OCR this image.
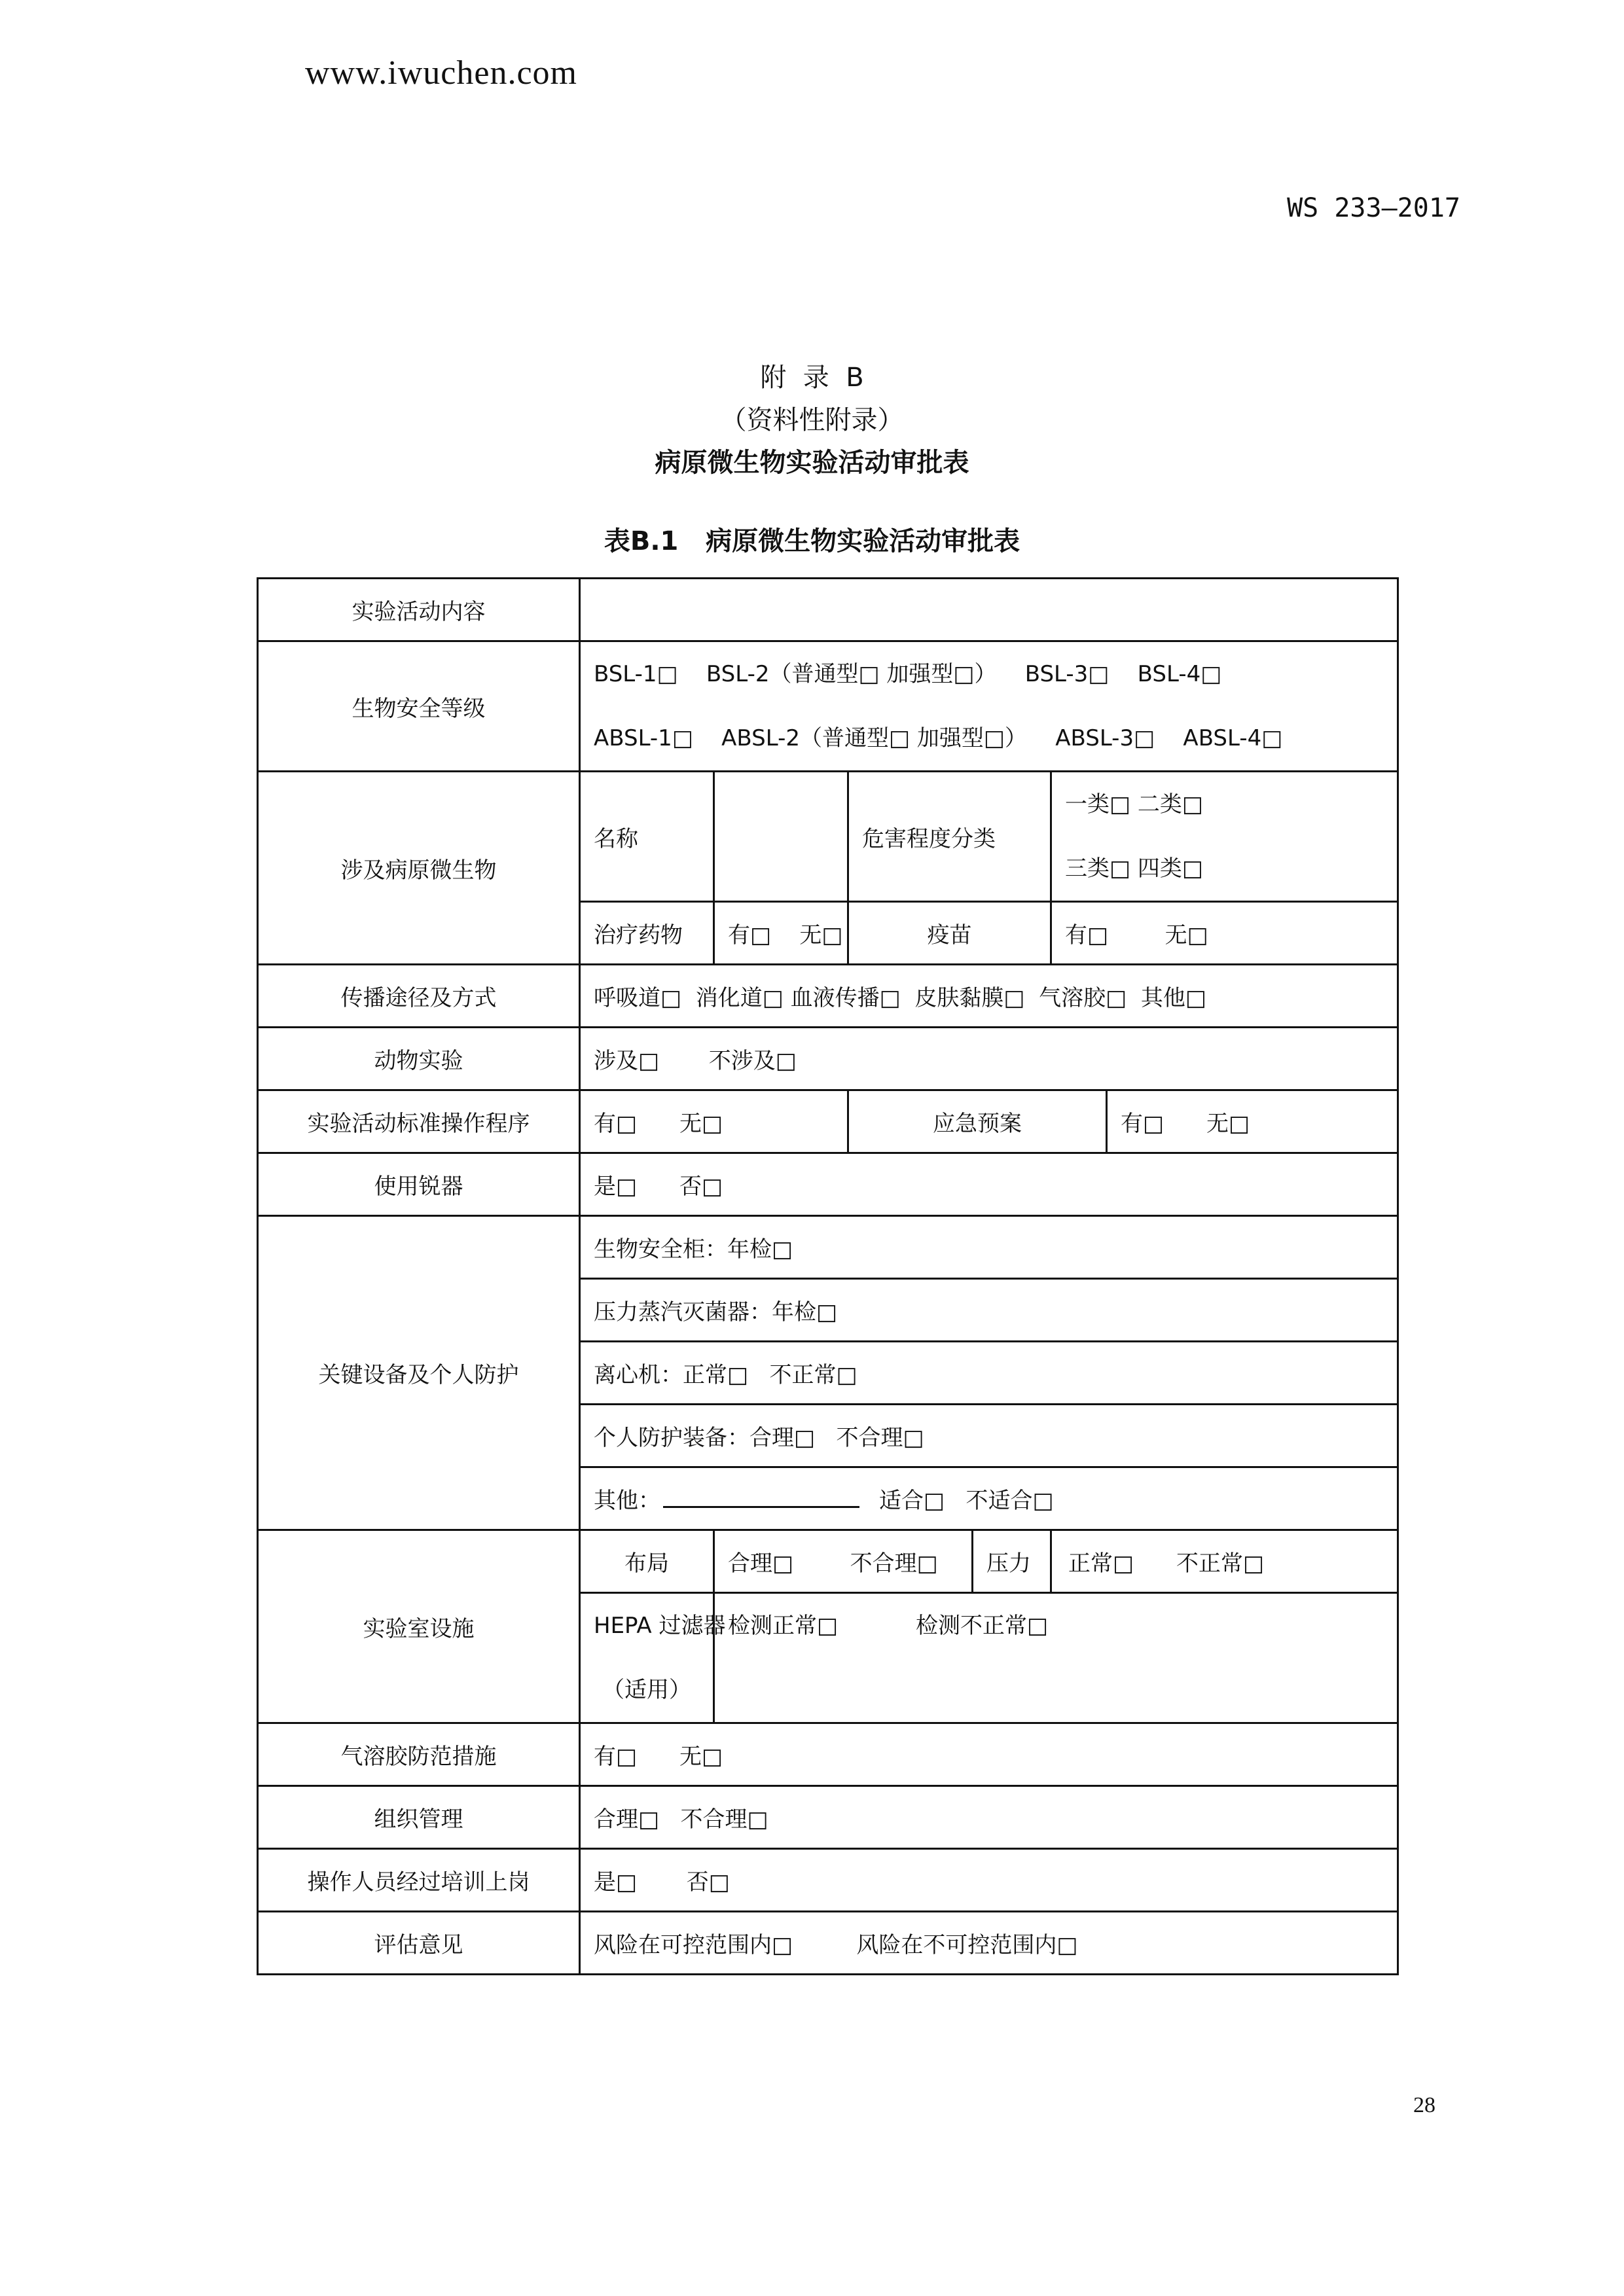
www.iwuchen.com
WS 233—2017
附  录  B
（资料性附录）
病原微生物实验活动审批表
表B.1   病原微生物实验活动审批表
实验活动内容						
生物安全等级	BSL-1□    BSL-2（普通型□ 加强型□）    BSL-3□    BSL-4□
ABSL-1□    ABSL-2（普通型□ 加强型□）    ABSL-3□    ABSL-4□					

涉及病原微生物	名称		危害程度分类		一类□ 二类□
三类□ 四类□	

	治疗药物	有□    无□	疫苗		有□        无□	
传播途径及方式	呼吸道□  消化道□ 血液传播□  皮肤黏膜□  气溶胶□  其他□					
动物实验	涉及□       不涉及□					
实验活动标准操作程序	有□      无□		应急预案			有□      无□
使用锐器	是□      否□					
关键设备及个人防护	生物安全柜：年检□					
	压力蒸汽灭菌器：年检□					
	离心机：正常□   不正常□					
	个人防护装备：合理□   不合理□					
	其他： 适合□   不适合□					
实验室设施	布局	合理□        不合理□		压力	正常□      不正常□	

	HEPA 过滤器
（适用）	检测正常□           检测不正常□				
气溶胶防范措施	有□      无□					
组织管理	合理□   不合理□					
操作人员经过培训上岗	是□       否□					
评估意见	风险在可控范围内□         风险在不可控范围内□					
28
